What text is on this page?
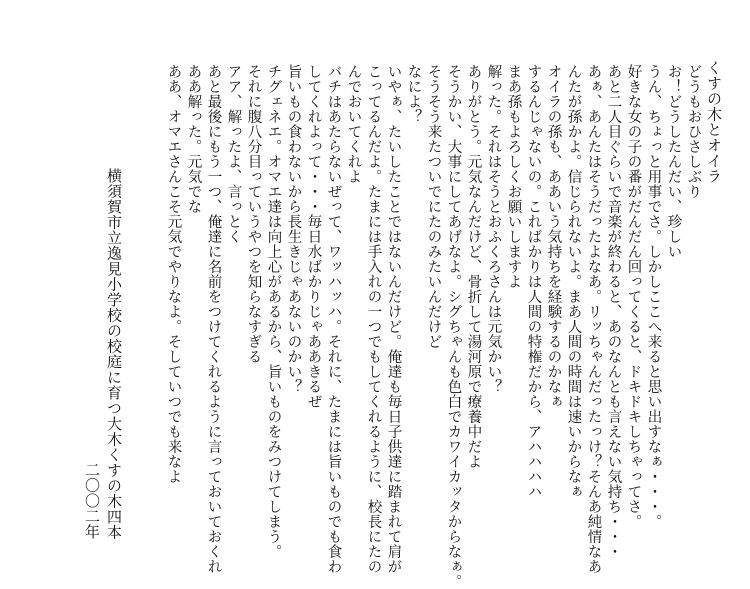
くすの木とオイラ
どうもおひさしぶり
お！どうしたんだい、珍しい
うん、ちょっと用事でさ。しかしここへ来ると思い出すなぁ・・・。
好きな女の子の番がだんだん回ってくると、ドキドキしちゃってさ。
あと二人目ぐらいで音楽が終わると、あのなんとも言えない気持ち・・・
あぁ、あんたはそうだったよなあ。リッちゃんだったっけ？そんあ純情なあ
んたが孫かよ。信じられないよ。まあ人間の時間は速いからなぁ
オイラの孫も、ああいう気持ちを経験するのかなぁ
するんじゃないの。こればかりは人間の特権だから、アハハハハ
まあ孫もよろしくお願いしますよ
解った。それはそうとおふくろさんは元気かい？
ありがとう。元気なんだけど、骨折して湯河原で療養中だよ
そうかい、大事にしてあげなよ。シグちゃんも色白でカワイカッタからなぁ。
そうそう来たついでにたのみたいんだけど
なによ？
いやぁ、たいしたことではないんだけど。俺達も毎日子供達に踏まれて肩が
こってるんだよ。たまには手入れの一つでもしてくれるように、校長にたの
んでおいてくれよ
バチはあたらないぜって、ワッハッハ。それに、たまには旨いものでも食わ
してくれよって・・・毎日水ばかりじゃああきるぜ
旨いもの食わないから長生きじゃあないのかい？
チグェネエ。オマエ達は向上心があるから、旨いものをみつけてしまう。
それに腹八分目っていうやつを知らなすぎる
アア、解ったよ、言っとく
あと最後にもう一つ、俺達に名前をつけてくれるように言っておいておくれ
ああ解った。元気でな
ああ、オマエさんこそ元気でやりなよ。そしていつでも来なよ
横須賀市立逸見小学校の校庭に育つ大木くすの木四本
二〇〇二年
